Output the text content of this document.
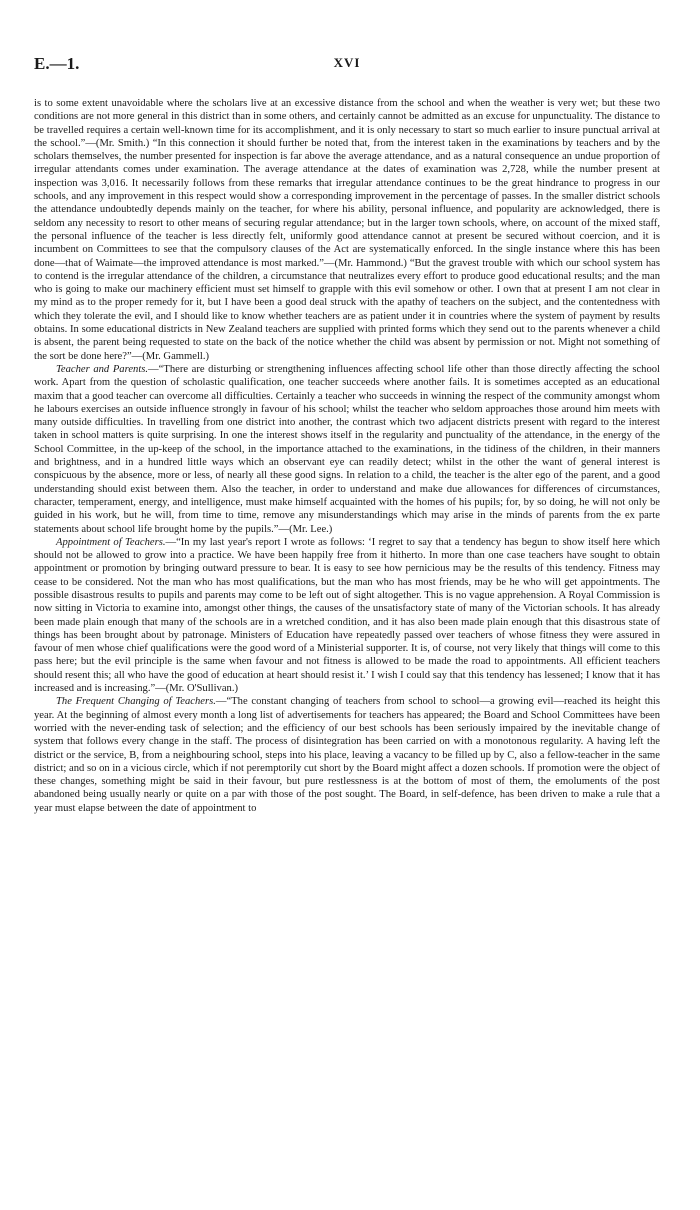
E.—1.	XVI

is to some extent unavoidable where the scholars live at an excessive distance from the school and when the weather is very wet; but these two conditions are not more general in this district than in some others, and certainly cannot be admitted as an excuse for unpunctuality. The distance to be travelled requires a certain well-known time for its accomplishment, and it is only necessary to start so much earlier to insure punctual arrival at the school.”—(Mr. Smith.) “In this connection it should further be noted that, from the interest taken in the examinations by teachers and by the scholars themselves, the number presented for inspection is far above the average attendance, and as a natural consequence an undue proportion of irregular attendants comes under examination. The average attendance at the dates of examination was 2,728, while the number present at inspection was 3,016. It necessarily follows from these remarks that irregular attendance continues to be the great hindrance to progress in our schools, and any improvement in this respect would show a corresponding improvement in the percentage of passes. In the smaller district schools the attendance undoubtedly depends mainly on the teacher, for where his ability, personal influence, and popularity are acknowledged, there is seldom any necessity to resort to other means of securing regular attendance; but in the larger town schools, where, on account of the mixed staff, the personal influence of the teacher is less directly felt, uniformly good attendance cannot at present be secured without coercion, and it is incumbent on Committees to see that the compulsory clauses of the Act are systematically enforced. In the single instance where this has been done—that of Waimate—the improved attendance is most marked.”—(Mr. Hammond.) “But the gravest trouble with which our school system has to contend is the irregular attendance of the children, a circumstance that neutralizes every effort to produce good educational results; and the man who is going to make our machinery efficient must set himself to grapple with this evil somehow or other. I own that at present I am not clear in my mind as to the proper remedy for it, but I have been a good deal struck with the apathy of teachers on the subject, and the contentedness with which they tolerate the evil, and I should like to know whether teachers are as patient under it in countries where the system of payment by results obtains. In some educational districts in New Zealand teachers are supplied with printed forms which they send out to the parents whenever a child is absent, the parent being requested to state on the back of the notice whether the child was absent by permission or not. Might not something of the sort be done here?”—(Mr. Gammell.)

Teacher and Parents.—“There are disturbing or strengthening influences affecting school life other than those directly affecting the school work. Apart from the question of scholastic qualification, one teacher succeeds where another fails. It is sometimes accepted as an educational maxim that a good teacher can overcome all difficulties. Certainly a teacher who succeeds in winning the respect of the community amongst whom he labours exercises an outside influence strongly in favour of his school; whilst the teacher who seldom approaches those around him meets with many outside difficulties. In travelling from one district into another, the contrast which two adjacent districts present with regard to the interest taken in school matters is quite surprising. In one the interest shows itself in the regularity and punctuality of the attendance, in the energy of the School Committee, in the up-keep of the school, in the importance attached to the examinations, in the tidiness of the children, in their manners and brightness, and in a hundred little ways which an observant eye can readily detect; whilst in the other the want of general interest is conspicuous by the absence, more or less, of nearly all these good signs. In relation to a child, the teacher is the alter ego of the parent, and a good understanding should exist between them. Also the teacher, in order to understand and make due allowances for differences of circumstances, character, temperament, energy, and intelligence, must make himself acquainted with the homes of his pupils; for, by so doing, he will not only be guided in his work, but he will, from time to time, remove any misunderstandings which may arise in the minds of parents from the ex parte statements about school life brought home by the pupils.”—(Mr. Lee.)

Appointment of Teachers.—“In my last year's report I wrote as follows: ‘I regret to say that a tendency has begun to show itself here which should not be allowed to grow into a practice. We have been happily free from it hitherto. In more than one case teachers have sought to obtain appointment or promotion by bringing outward pressure to bear. It is easy to see how pernicious may be the results of this tendency. Fitness may cease to be considered. Not the man who has most qualifications, but the man who has most friends, may be he who will get appointments. The possible disastrous results to pupils and parents may come to be left out of sight altogether. This is no vague apprehension. A Royal Commission is now sitting in Victoria to examine into, amongst other things, the causes of the unsatisfactory state of many of the Victorian schools. It has already been made plain enough that many of the schools are in a wretched condition, and it has also been made plain enough that this disastrous state of things has been brought about by patronage. Ministers of Education have repeatedly passed over teachers of whose fitness they were assured in favour of men whose chief qualifications were the good word of a Ministerial supporter. It is, of course, not very likely that things will come to this pass here; but the evil principle is the same when favour and not fitness is allowed to be made the road to appointments. All efficient teachers should resent this; all who have the good of education at heart should resist it.’ I wish I could say that this tendency has lessened; I know that it has increased and is increasing.”—(Mr. O'Sullivan.)

The Frequent Changing of Teachers.—“The constant changing of teachers from school to school—a growing evil—reached its height this year. At the beginning of almost every month a long list of advertisements for teachers has appeared; the Board and School Committees have been worried with the never-ending task of selection; and the efficiency of our best schools has been seriously impaired by the inevitable change of system that follows every change in the staff. The process of disintegration has been carried on with a monotonous regularity. A having left the district or the service, B, from a neighbouring school, steps into his place, leaving a vacancy to be filled up by C, also a fellow-teacher in the same district; and so on in a vicious circle, which if not peremptorily cut short by the Board might affect a dozen schools. If promotion were the object of these changes, something might be said in their favour, but pure restlessness is at the bottom of most of them, the emoluments of the post abandoned being usually nearly or quite on a par with those of the post sought. The Board, in self-defence, has been driven to make a rule that a year must elapse between the date of appointment to
